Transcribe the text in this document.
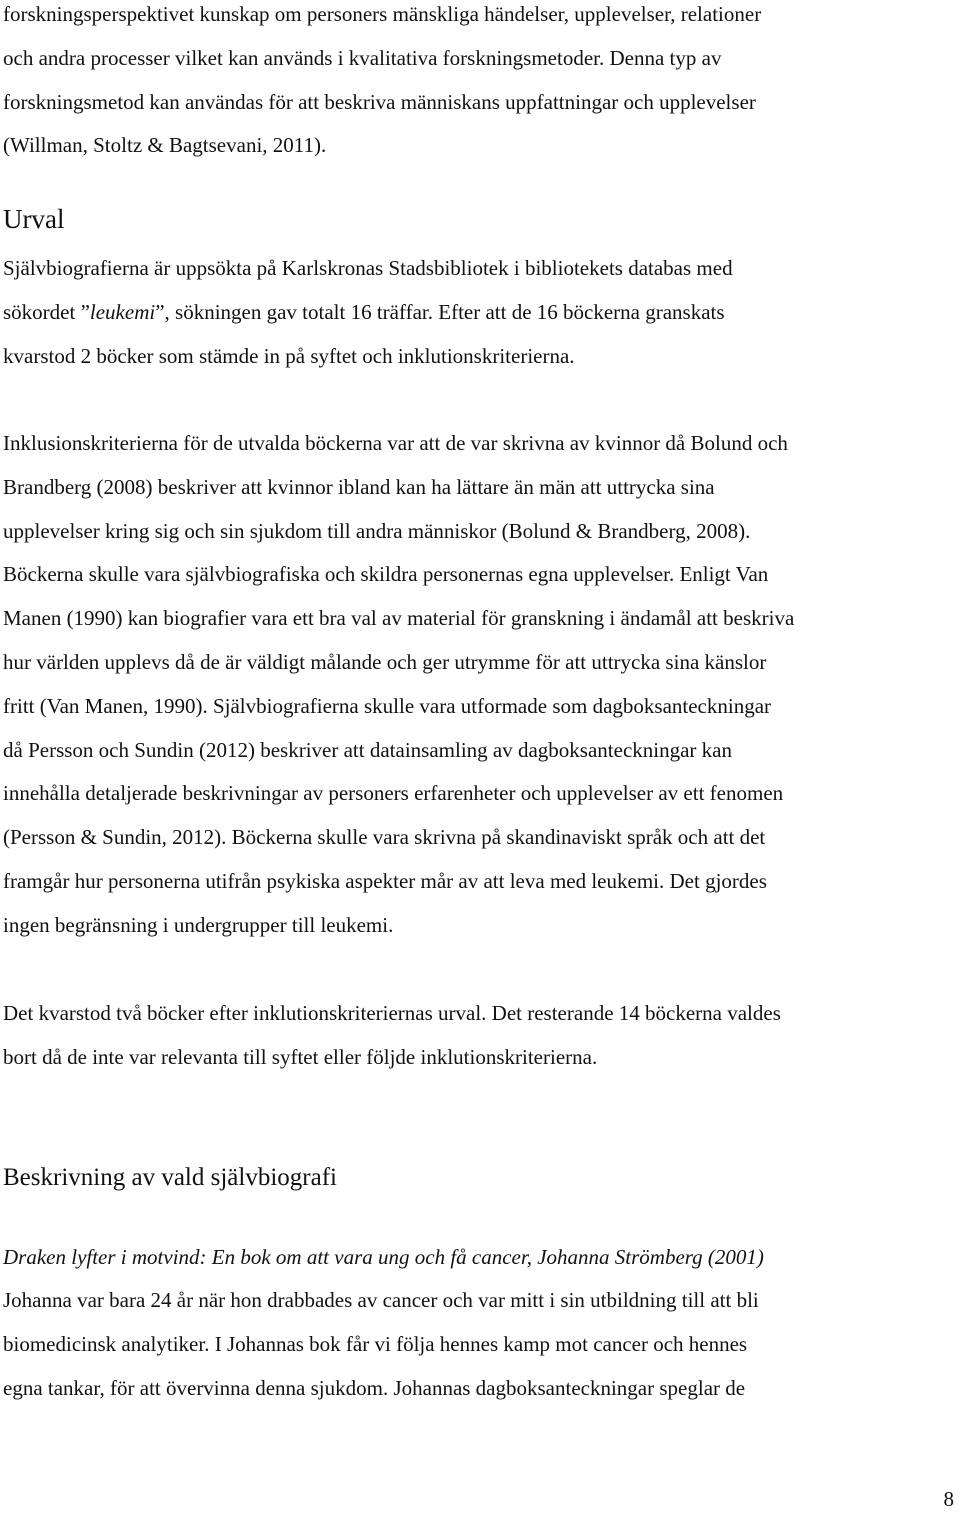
forskningsperspektivet kunskap om personers mänskliga händelser, upplevelser, relationer
och andra processer vilket kan används i kvalitativa forskningsmetoder. Denna typ av
forskningsmetod kan användas för att beskriva människans uppfattningar och upplevelser
(Willman, Stoltz & Bagtsevani, 2011).
Urval
Självbiografierna är uppsökta på Karlskronas Stadsbibliotek i bibliotekets databas med
sökordet ”leukemi”, sökningen gav totalt 16 träffar. Efter att de 16 böckerna granskats
kvarstod 2 böcker som stämde in på syftet och inklutionskriterierna.
Inklusionskriterierna för de utvalda böckerna var att de var skrivna av kvinnor då Bolund och
Brandberg (2008) beskriver att kvinnor ibland kan ha lättare än män att uttrycka sina
upplevelser kring sig och sin sjukdom till andra människor (Bolund & Brandberg, 2008).
Böckerna skulle vara självbiografiska och skildra personernas egna upplevelser. Enligt Van
Manen (1990) kan biografier vara ett bra val av material för granskning i ändamål att beskriva
hur världen upplevs då de är väldigt målande och ger utrymme för att uttrycka sina känslor
fritt (Van Manen, 1990). Självbiografierna skulle vara utformade som dagboksanteckningar
då Persson och Sundin (2012) beskriver att datainsamling av dagboksanteckningar kan
innehålla detaljerade beskrivningar av personers erfarenheter och upplevelser av ett fenomen
(Persson & Sundin, 2012). Böckerna skulle vara skrivna på skandinaviskt språk och att det
framgår hur personerna utifrån psykiska aspekter mår av att leva med leukemi. Det gjordes
ingen begränsning i undergrupper till leukemi.
Det kvarstod två böcker efter inklutionskriteriernas urval. Det resterande 14 böckerna valdes
bort då de inte var relevanta till syftet eller följde inklutionskriterierna.
Beskrivning av vald självbiografi

Draken lyfter i motvind: En bok om att vara ung och få cancer, Johanna Strömberg (2001)

Johanna var bara 24 år när hon drabbades av cancer och var mitt i sin utbildning till att bli
biomedicinsk analytiker. I Johannas bok får vi följa hennes kamp mot cancer och hennes
egna tankar, för att övervinna denna sjukdom. Johannas dagboksanteckningar speglar de
8
